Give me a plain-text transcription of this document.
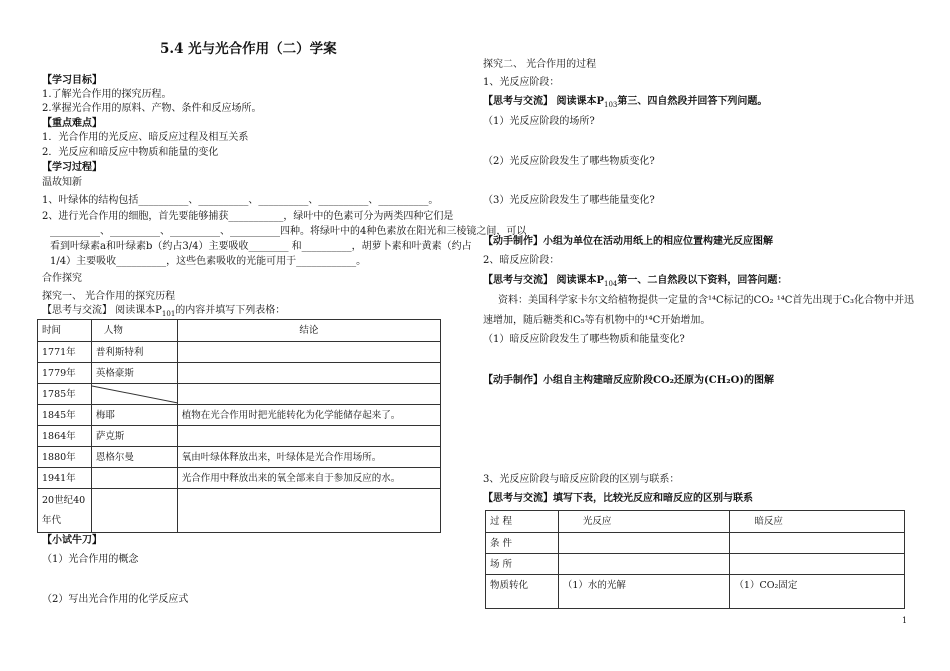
5.4 光与光合作用（二）学案
【学习目标】
1.了解光合作用的探究历程。
2.掌握光合作用的原料、产物、条件和反应场所。
【重点难点】
1．光合作用的光反应、暗反应过程及相互关系
2．光反应和暗反应中物质和能量的变化
【学习过程】
温故知新
1、叶绿体的结构包括__________、__________、__________、__________、__________。
2、进行光合作用的细胞，首先要能够捕获___________，绿叶中的色素可分为两类四种它们是
__________、__________、__________、__________四种。将绿叶中的4种色素放在阳光和三棱镜之间，可以
看到叶绿素a和叶绿素b（约占3/4）主要吸收________ 和__________，胡萝卜素和叶黄素（约占
1/4）主要吸收__________，这些色素吸收的光能可用于____________。
合作探究
探究一、 光合作用的探究历程
【思考与交流】 阅读课本$P_{101}$的内容并填写下列表格：
时间	人物	结论
1771年	普利斯特利	
1779年	英格豪斯	
1785年	

1845年	梅耶	植物在光合作用时把光能转化为化学能储存起来了。
1864年	萨克斯	
1880年	恩格尔曼	氧由叶绿体释放出来，叶绿体是光合作用场所。
1941年		光合作用中释放出来的氧全部来自于参加反应的水。
20世纪40年代		
【小试牛刀】
（1）光合作用的概念
（2）写出光合作用的化学反应式
探究二、 光合作用的过程
1、光反应阶段：
【思考与交流】 阅读课本$P_{103}$第三、四自然段并回答下列问题。
（1）光反应阶段的场所?
（2）光反应阶段发生了哪些物质变化?
（3）光反应阶段发生了哪些能量变化?
【动手制作】小组为单位在活动用纸上的相应位置构建光反应图解
2、暗反应阶段：
【思考与交流】 阅读课本$P_{104}$第一、二自然段以下资料，回答问题：
资料：美国科学家卡尔文给植物提供一定量的含¹⁴C标记的CO₂ ¹⁴C首先出现于C₃化合物中并迅
速增加，随后糖类和C₅等有机物中的¹⁴C开始增加。
（1）暗反应阶段发生了哪些物质和能量变化?
【动手制作】小组自主构建暗反应阶段CO₂还原为(CH₂O)的图解
3、光反应阶段与暗反应阶段的区别与联系：
【思考与交流】填写下表，比较光反应和暗反应的区别与联系
过 程	光反应	暗反应
条 件		
场 所		
物质转化	（1）水的光解	（1）CO₂固定
1
